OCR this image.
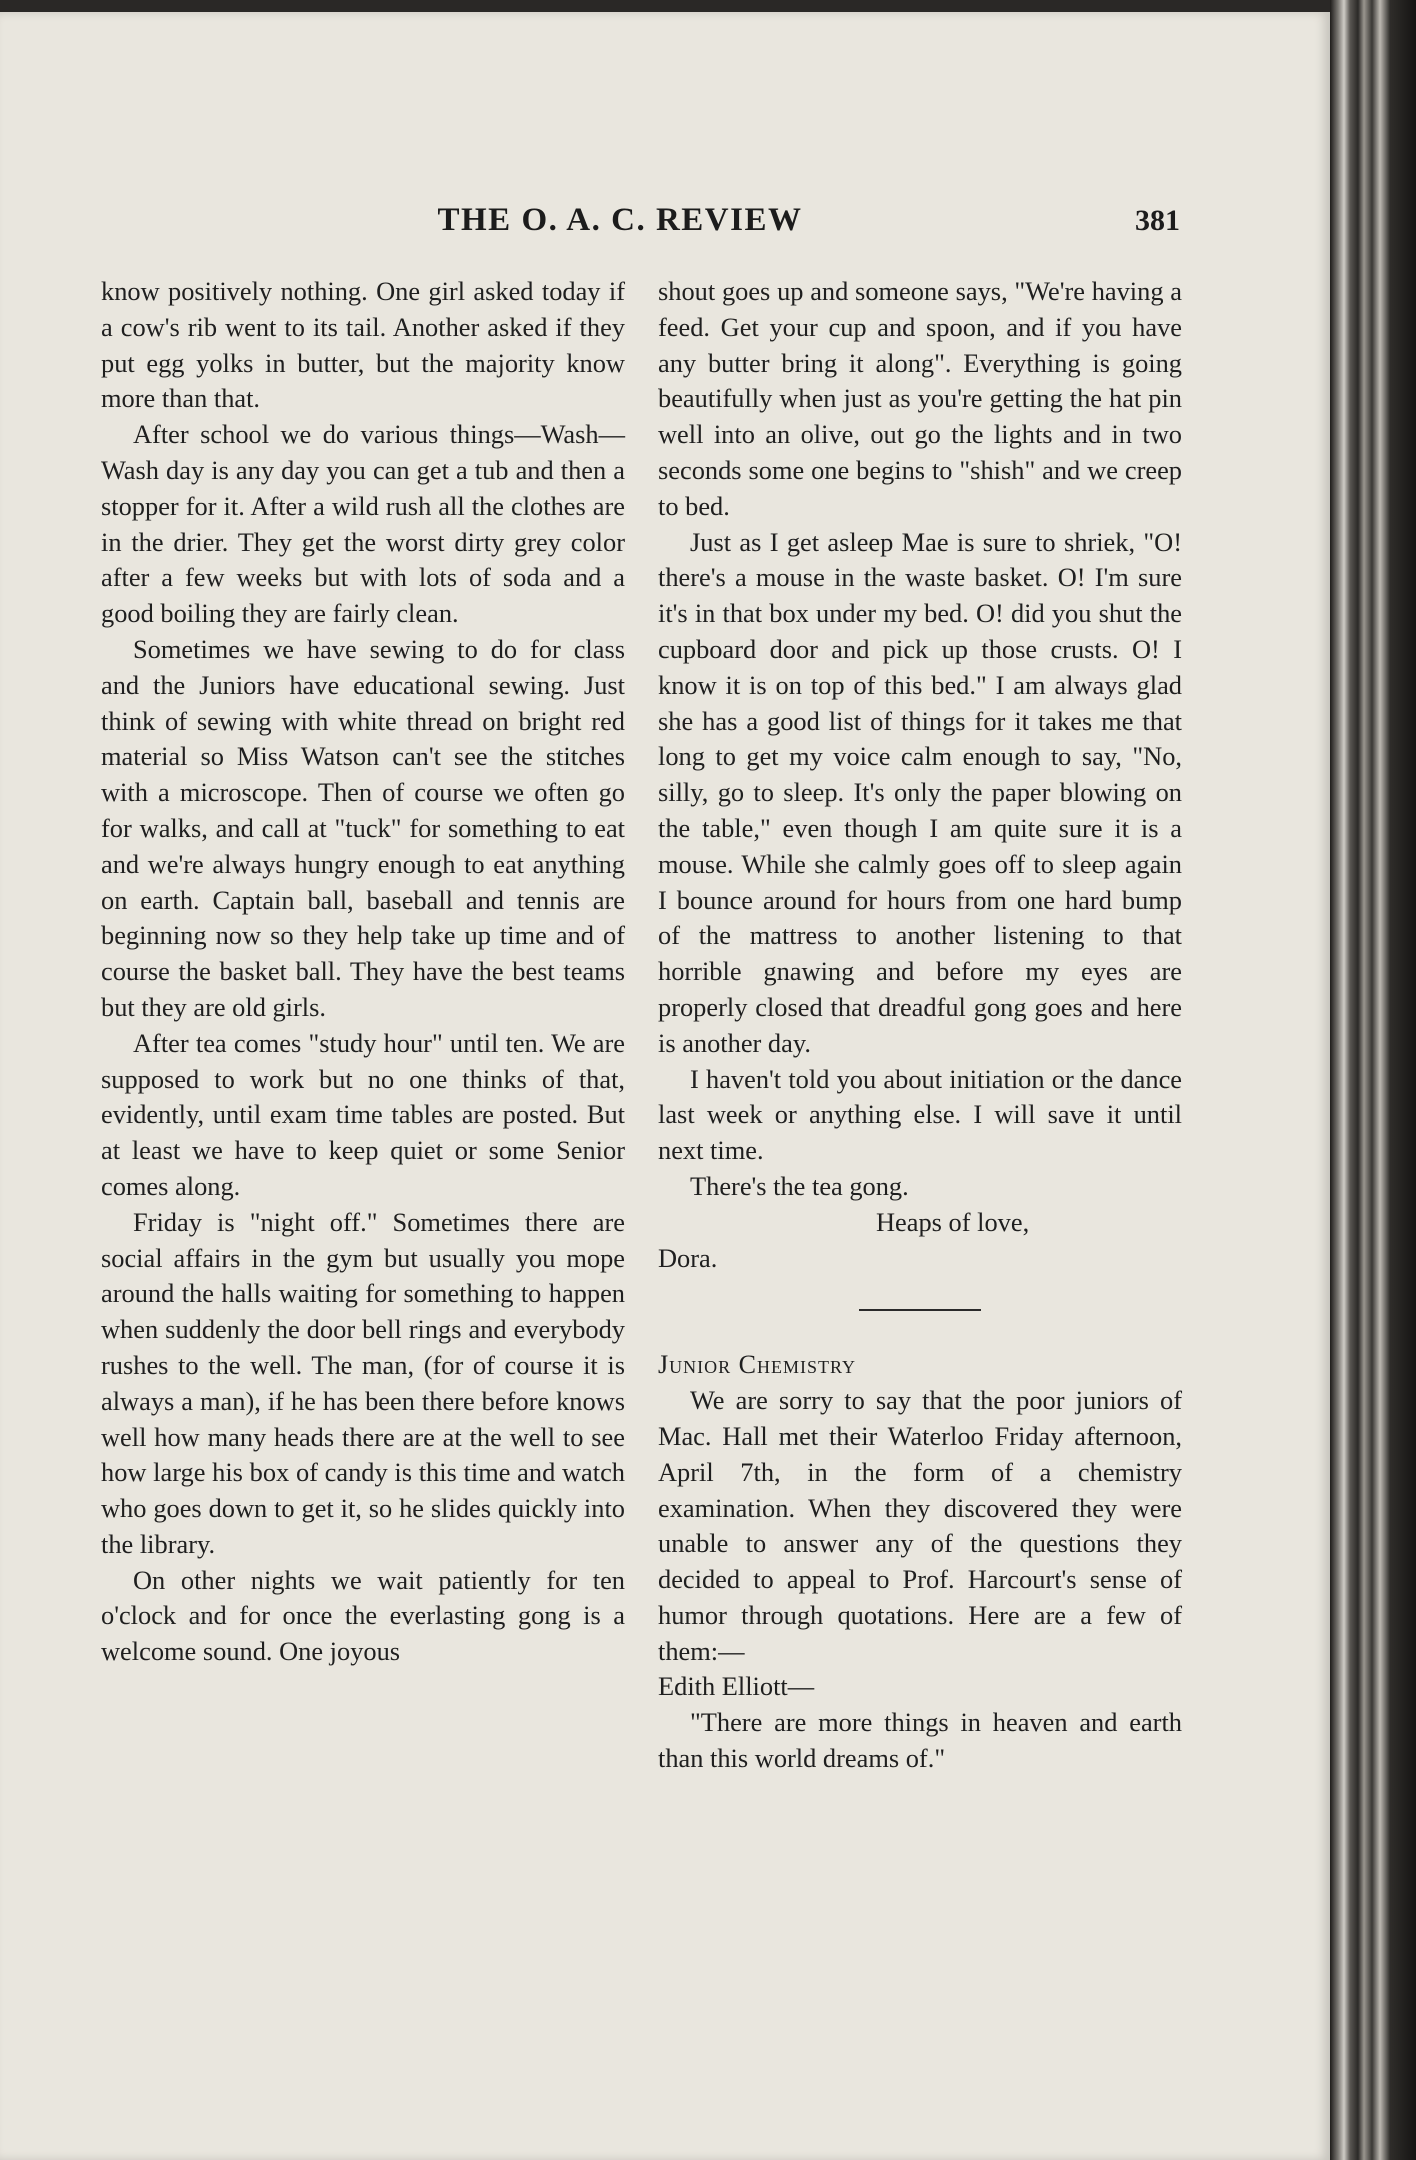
THE O. A. C. REVIEW	381

know positively nothing. One girl asked today if a cow's rib went to its tail. Another asked if they put egg yolks in butter, but the majority know more than that.

After school we do various things—Wash—Wash day is any day you can get a tub and then a stopper for it. After a wild rush all the clothes are in the drier. They get the worst dirty grey color after a few weeks but with lots of soda and a good boiling they are fairly clean.

Sometimes we have sewing to do for class and the Juniors have educational sewing. Just think of sewing with white thread on bright red material so Miss Watson can't see the stitches with a microscope. Then of course we often go for walks, and call at "tuck" for something to eat and we're always hungry enough to eat anything on earth. Captain ball, baseball and tennis are beginning now so they help take up time and of course the basket ball. They have the best teams but they are old girls.

After tea comes "study hour" until ten. We are supposed to work but no one thinks of that, evidently, until exam time tables are posted. But at least we have to keep quiet or some Senior comes along.

Friday is "night off." Sometimes there are social affairs in the gym but usually you mope around the halls waiting for something to happen when suddenly the door bell rings and everybody rushes to the well. The man, (for of course it is always a man), if he has been there before knows well how many heads there are at the well to see how large his box of candy is this time and watch who goes down to get it, so he slides quickly into the library.

On other nights we wait patiently for ten o'clock and for once the everlasting gong is a welcome sound. One joyous

shout goes up and someone says, "We're having a feed. Get your cup and spoon, and if you have any butter bring it along". Everything is going beautifully when just as you're getting the hat pin well into an olive, out go the lights and in two seconds some one begins to "shish" and we creep to bed.

Just as I get asleep Mae is sure to shriek, "O! there's a mouse in the waste basket. O! I'm sure it's in that box under my bed. O! did you shut the cupboard door and pick up those crusts. O! I know it is on top of this bed." I am always glad she has a good list of things for it takes me that long to get my voice calm enough to say, "No, silly, go to sleep. It's only the paper blowing on the table," even though I am quite sure it is a mouse. While she calmly goes off to sleep again I bounce around for hours from one hard bump of the mattress to another listening to that horrible gnawing and before my eyes are properly closed that dreadful gong goes and here is another day.

I haven't told you about initiation or the dance last week or anything else. I will save it until next time.

There's the tea gong.

Heaps of love,

Dora.

Junior Chemistry

We are sorry to say that the poor juniors of Mac. Hall met their Waterloo Friday afternoon, April 7th, in the form of a chemistry examination. When they discovered they were unable to answer any of the questions they decided to appeal to Prof. Harcourt's sense of humor through quotations. Here are a few of them:—

Edith Elliott—

"There are more things in heaven and earth than this world dreams of."
